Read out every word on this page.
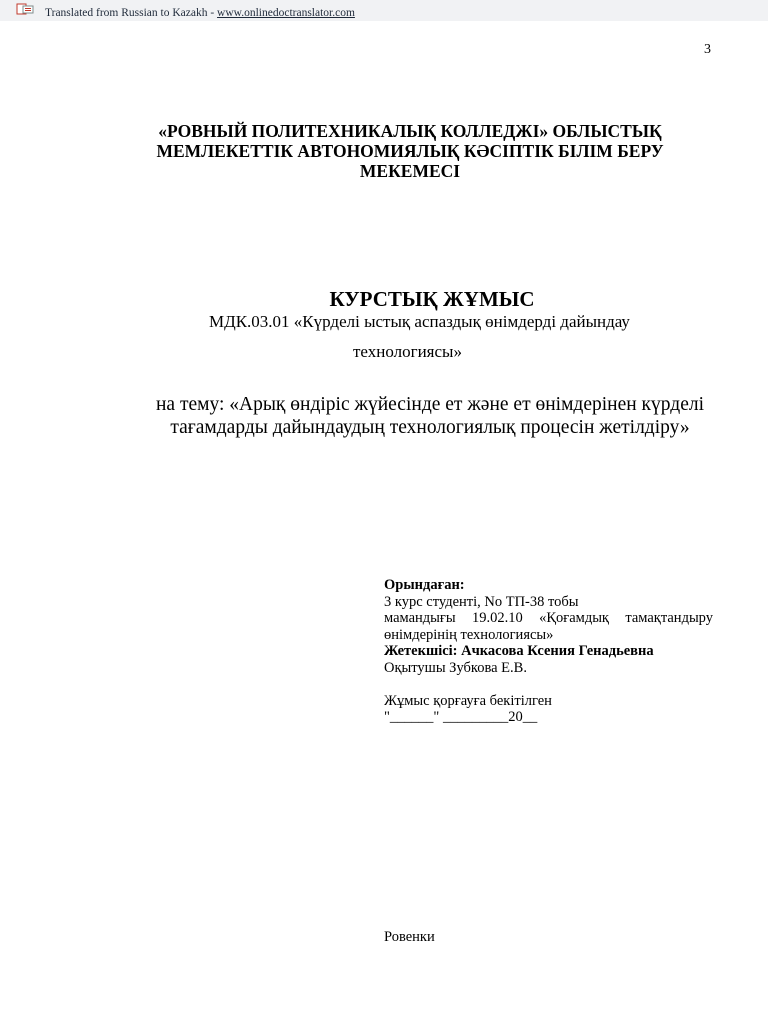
Translated from Russian to Kazakh - www.onlinedoctranslator.com
3
«РОВНЫЙ ПОЛИТЕХНИКАЛЫҚ КОЛЛЕДЖІ» ОБЛЫСТЫҚ МЕМЛЕКЕТТІК АВТОНОМИЯЛЫҚ КӘСІПТІК БІЛІМ БЕРУ МЕКЕМЕСІ
КУРСТЫҚ ЖҰМЫС
МДК.03.01 «Күрделі ыстық аспаздық өнімдерді дайындау
технологиясы»

на тему: «Арық өндіріс жүйесінде ет және ет өнімдерінен күрделі тағамдарды дайындаудың технологиялық процесін жетілдіру»

Орындаған:

3 курс студенті, No ТП-38 тобы

мамандығы 19.02.10 «Қоғамдық тамақтандыру

өнімдерінің технологиясы»

Жетекшісі: Ачкасова Ксения Генадьевна

Оқытушы Зубкова Е.В.

Жұмыс қорғауға бекітілген

"______" _________20__

Ровенки
